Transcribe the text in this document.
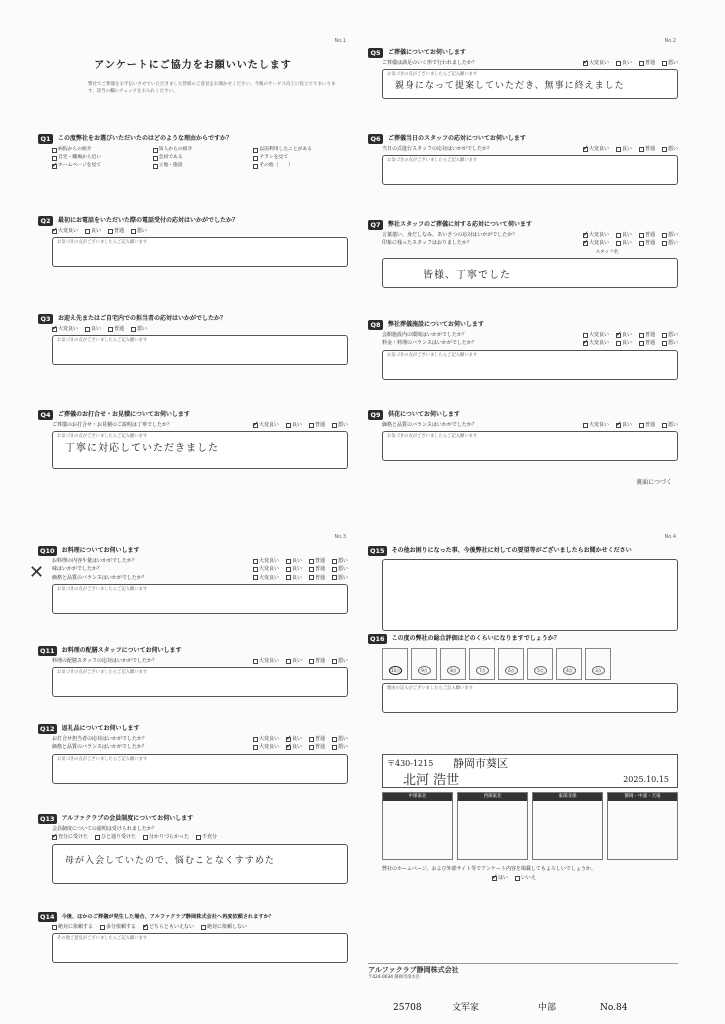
✕
No.1
アンケートにご協力をお願いいたします
弊社でご葬儀をお手伝いさせていただきました皆様のご意見をお聞かせください。今後のサービス向上に役立ててまいります。該当の欄にチェックをお入れください。
Q1	この度弊社をお選びいただいたのはどのような理由からですか？
病院からの紹介	知人からの紹介	以前利用したことがある
自宅・職場から近い	会員である	チラシを見て
✓
ホームページを見て	立地・施設	その他（　　）
Q2	最初にお電話をいただいた際の電話受付の応対はいかがでしたか？
✓
大変良い	良い	普通	悪い
お気づきの点がございましたらご記入願います
Q3	お迎え先またはご自宅内での担当者の応対はいかがでしたか？
✓
大変良い	良い	普通	悪い
お気づきの点がございましたらご記入願います
Q4	ご葬儀のお打合せ・お見積についてお伺いします
ご葬儀のお打合せ・お見積のご説明は丁寧でしたか？ ✓	大変良い	良い	普通	悪い
お気づきの点がございましたらご記入願います
丁寧に対応していただきました
No.2
Q5	ご葬儀についてお伺いします
ご葬儀は満足のいく形で行われましたか？ ✓	大変良い	良い	普通	悪い
お気づきの点がございましたらご記入願います
親身になって提案していただき、無事に終えました
Q6	ご葬儀当日のスタッフの応対についてお伺いします
当日の式進行スタッフの応対はいかがでしたか？ ✓	大変良い	良い	普通	悪い
お気づきの点がございましたらご記入願います
Q7	弊社スタッフのご葬儀に対する応対について伺います
言葉遣い、身だしなみ、あいさつの応対はいかがでしたか？ ✓	大変良い	良い	普通	悪い
印象に残ったスタッフはおりましたか？ ✓	大変良い	良い	普通	悪い
スタッフ名
皆様、丁寧でした
Q8	弊社葬儀施設についてお伺いします
会館施設内の環境はいかがでしたか？	大変良い ✓	良い	普通	悪い
料金・料理のバランスはいかがでしたか？ ✓	大変良い	良い	普通	悪い
お気づきの点がございましたらご記入願います
Q9	供花についてお伺いします
価格と品質のバランスはいかがでしたか？	大変良い ✓	良い	普通	悪い
お気づきの点がございましたらご記入願います
裏面につづく
No.3
Q10	お料理についてお伺いします
お料理の内容や量はいかがでしたか？	大変良い	良い	普通	悪い
味はいかがでしたか？	大変良い	良い	普通	悪い
価格と品質のバランスはいかがでしたか？	大変良い	良い	普通	悪い
お気づきの点がございましたらご記入願います
Q11	お料理の配膳スタッフについてお伺いします
料理の配膳スタッフの応対はいかがでしたか？	大変良い	良い	普通	悪い
お気づきの点がございましたらご記入願います
Q12	返礼品についてお伺いします
お打合せ担当者の応対はいかがでしたか？	大変良い ✓	良い	普通	悪い
価格と品質のバランスはいかがでしたか？	大変良い ✓	良い	普通	悪い
お気づきの点がございましたらご記入願います
Q13	アルファクラブの会員制度についてお伺いします
会員制度についての説明は受けられましたか？
✓
充分に受けた	ひと通り受けた	分かりづらかった	不充分
母が入会していたので、悩むことなくすすめた
Q14	今後、ほかのご葬儀が発生した場合、アルファクラブ静岡株式会社へ再度依頼されますか？
絶対に依頼する	多分依頼する ✓	どちらともいえない	絶対に依頼しない
その他ご意見がございましたらご記入願います
No.4
Q15	その他お困りになった事、今後弊社に対しての要望等がございましたらお聞かせください
Q16	この度の弊社の総合評価はどのくらいになりますでしょうか？
10点	9点	8点	7点	6点	5点	4点	3点
理由の記入がございましたらご記入願います
〒430-1215 静岡市葵区
北河 浩世	2025.10.15
中部東北	西部東北	東部北部	静岡・中遠・天竜
弊社のホームページ、および外部サイト等でアンケート内容を掲載してもよろしいでしょうか。
✓
はい	いいえ
アルファクラブ静岡株式会社
〒424-0034 静岡市清水区
25708	文军家	中部	No.84
